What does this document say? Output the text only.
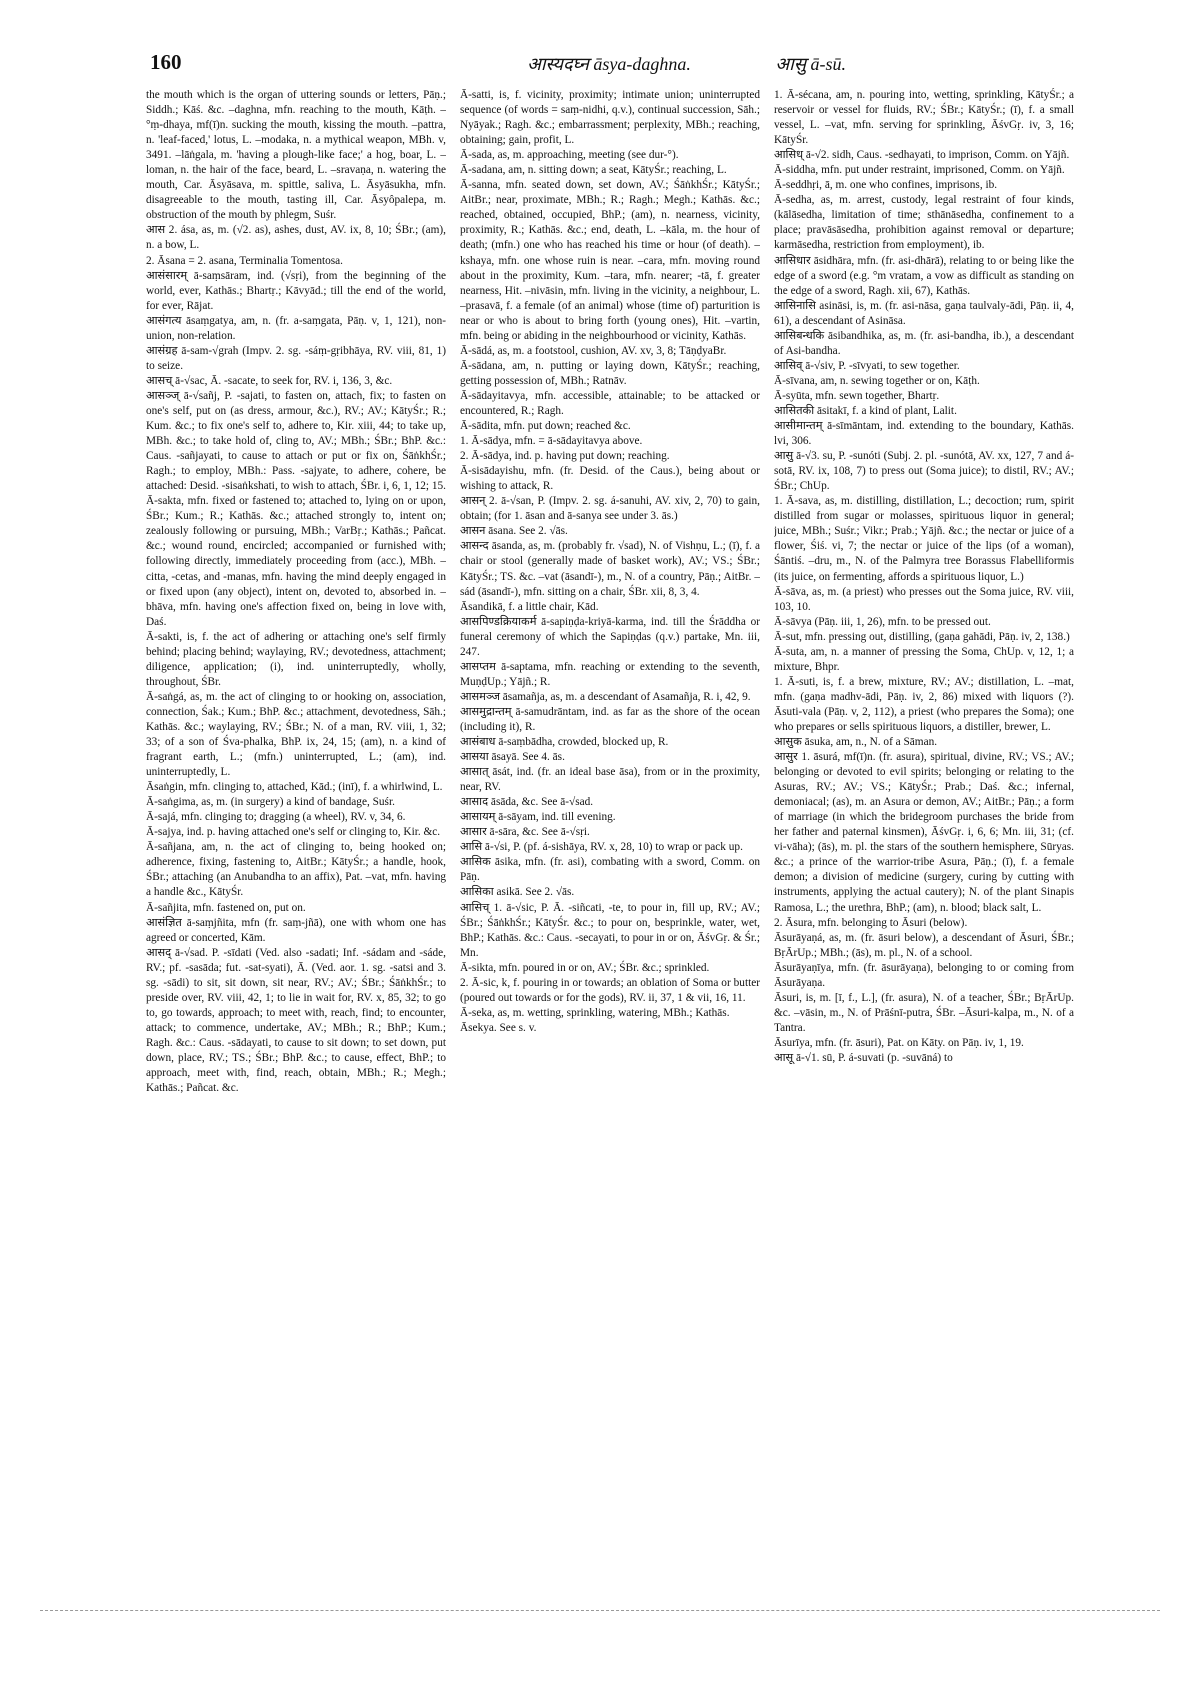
160	आस्यदघ्न āsya-daghna.	आसु ā-sū.

the mouth which is the organ of uttering sounds or letters, Pāṇ.; Siddh.; Kāś. &c. –daghna, mfn. reaching to the mouth, Kāṭh. –°ṃ-dhaya, mf(ī)n. sucking the mouth, kissing the mouth. –pattra, n. 'leaf-faced,' lotus, L. –modaka, n. a mythical weapon, MBh. v, 3491. –lāṅgala, m. 'having a plough-like face;' a hog, boar, L. –loman, n. the hair of the face, beard, L. –sravaṇa, n. watering the mouth, Car. Āsyāsava, m. spittle, saliva, L. Āsyāsukha, mfn. disagreeable to the mouth, tasting ill, Car. Āsyôpalepa, m. obstruction of the mouth by phlegm, Suśr.

आस 2. ása, as, m. (√2. as), ashes, dust, AV. ix, 8, 10; ŚBr.; (am), n. a bow, L.

2. Āsana = 2. asana, Terminalia Tomentosa.

आसंसारम् ā-saṃsāram, ind. (√sṛi), from the beginning of the world, ever, Kathās.; Bhartṛ.; Kāvyād.; till the end of the world, for ever, Rājat.

आसंगत्य āsaṃgatya, am, n. (fr. a-saṃgata, Pāṇ. v, 1, 121), non-union, non-relation.

आसंग्रह ā-sam-√grah (Impv. 2. sg. -sáṃ-gṛibhāya, RV. viii, 81, 1) to seize.

आसच् ā-√sac, Ā. -sacate, to seek for, RV. i, 136, 3, &c.

आसञ्ज् ā-√sañj, P. -sajati, to fasten on, attach, fix; to fasten on one's self, put on (as dress, armour, &c.), RV.; AV.; KātyŚr.; R.; Kum. &c.; to fix one's self to, adhere to, Kir. xiii, 44; to take up, MBh. &c.; to take hold of, cling to, AV.; MBh.; ŚBr.; BhP. &c.: Caus. -sañjayati, to cause to attach or put or fix on, ŚāṅkhŚr.; Ragh.; to employ, MBh.: Pass. -sajyate, to adhere, cohere, be attached: Desid. -sisaṅkshati, to wish to attach, ŚBr. i, 6, 1, 12; 15.

Ā-sakta, mfn. fixed or fastened to; attached to, lying on or upon, ŚBr.; Kum.; R.; Kathās. &c.; attached strongly to, intent on; zealously following or pursuing, MBh.; VarBṛ.; Kathās.; Pañcat. &c.; wound round, encircled; accompanied or furnished with; following directly, immediately proceeding from (acc.), MBh. –citta, -cetas, and -manas, mfn. having the mind deeply engaged in or fixed upon (any object), intent on, devoted to, absorbed in. –bhāva, mfn. having one's affection fixed on, being in love with, Daś.

Ā-sakti, is, f. the act of adhering or attaching one's self firmly behind; placing behind; waylaying, RV.; devotedness, attachment; diligence, application; (i), ind. uninterruptedly, wholly, throughout, ŚBr.

Ā-saṅgá, as, m. the act of clinging to or hooking on, association, connection, Śak.; Kum.; BhP. &c.; attachment, devotedness, Sāh.; Kathās. &c.; waylaying, RV.; ŚBr.; N. of a man, RV. viii, 1, 32; 33; of a son of Śva-phalka, BhP. ix, 24, 15; (am), n. a kind of fragrant earth, L.; (mfn.) uninterrupted, L.; (am), ind. uninterruptedly, L.

Āsaṅgin, mfn. clinging to, attached, Kād.; (inī), f. a whirlwind, L.

Ā-saṅgima, as, m. (in surgery) a kind of bandage, Suśr.

Ā-sajá, mfn. clinging to; dragging (a wheel), RV. v, 34, 6.

Ā-sajya, ind. p. having attached one's self or clinging to, Kir. &c.

Ā-sañjana, am, n. the act of clinging to, being hooked on; adherence, fixing, fastening to, AitBr.; KātyŚr.; a handle, hook, ŚBr.; attaching (an Anubandha to an affix), Pat. –vat, mfn. having a handle &c., KātyŚr.

Ā-sañjita, mfn. fastened on, put on.

आसंज्ञित ā-saṃjñita, mfn (fr. saṃ-jñā), one with whom one has agreed or concerted, Kām.

आसद् ā-√sad. P. -sīdati (Ved. also -sadati; Inf. -sádam and -sáde, RV.; pf. -sasāda; fut. -sat-syati), Ā. (Ved. aor. 1. sg. -satsi and 3. sg. -sādi) to sit, sit down, sit near, RV.; AV.; ŚBr.; ŚāṅkhŚr.; to preside over, RV. viii, 42, 1; to lie in wait for, RV. x, 85, 32; to go to, go towards, approach; to meet with, reach, find; to encounter, attack; to commence, undertake, AV.; MBh.; R.; BhP.; Kum.; Ragh. &c.: Caus. -sādayati, to cause to sit down; to set down, put down, place, RV.; TS.; ŚBr.; BhP. &c.; to cause, effect, BhP.; to approach, meet with, find, reach, obtain, MBh.; R.; Megh.; Kathās.; Pañcat. &c.

Ā-satti, is, f. vicinity, proximity; intimate union; uninterrupted sequence (of words = saṃ-nidhi, q.v.), continual succession, Sāh.; Nyāyak.; Ragh. &c.; embarrassment; perplexity, MBh.; reaching, obtaining; gain, profit, L.

Ā-sada, as, m. approaching, meeting (see dur-°).

Ā-sadana, am, n. sitting down; a seat, KātyŚr.; reaching, L.

Ā-sanna, mfn. seated down, set down, AV.; ŚāṅkhŚr.; KātyŚr.; AitBr.; near, proximate, MBh.; R.; Ragh.; Megh.; Kathās. &c.; reached, obtained, occupied, BhP.; (am), n. nearness, vicinity, proximity, R.; Kathās. &c.; end, death, L. –kāla, m. the hour of death; (mfn.) one who has reached his time or hour (of death). –kshaya, mfn. one whose ruin is near. –cara, mfn. moving round about in the proximity, Kum. –tara, mfn. nearer; -tā, f. greater nearness, Hit. –nivāsin, mfn. living in the vicinity, a neighbour, L. –prasavā, f. a female (of an animal) whose (time of) parturition is near or who is about to bring forth (young ones), Hit. –vartin, mfn. being or abiding in the neighbourhood or vicinity, Kathās.

Ā-sādá, as, m. a footstool, cushion, AV. xv, 3, 8; TāṇḍyaBr.

Ā-sādana, am, n. putting or laying down, KātyŚr.; reaching, getting possession of, MBh.; Ratnāv.

Ā-sādayitavya, mfn. accessible, attainable; to be attacked or encountered, R.; Ragh.

Ā-sādita, mfn. put down; reached &c.

1. Ā-sādya, mfn. = ā-sādayitavya above.

2. Ā-sādya, ind. p. having put down; reaching.

Ā-sisādayishu, mfn. (fr. Desid. of the Caus.), being about or wishing to attack, R.

आसन् 2. ā-√san, P. (Impv. 2. sg. á-sanuhi, AV. xiv, 2, 70) to gain, obtain; (for 1. āsan and ā-sanya see under 3. ās.)

आसन āsana. See 2. √ās.

आसन्द āsanda, as, m. (probably fr. √sad), N. of Vishṇu, L.; (ī), f. a chair or stool (generally made of basket work), AV.; VS.; ŚBr.; KātyŚr.; TS. &c. –vat (āsandī-), m., N. of a country, Pāṇ.; AitBr. –sád (āsandī-), mfn. sitting on a chair, ŚBr. xii, 8, 3, 4.

Āsandikā, f. a little chair, Kād.

आसपिण्डक्रियाकर्म ā-sapiṇḍa-kriyā-karma, ind. till the Śrāddha or funeral ceremony of which the Sapiṇḍas (q.v.) partake, Mn. iii, 247.

आसप्तम ā-saptama, mfn. reaching or extending to the seventh, MuṇḍUp.; Yājñ.; R.

आसमञ्ज āsamañja, as, m. a descendant of Asamañja, R. i, 42, 9.

आसमुद्रान्तम् ā-samudrāntam, ind. as far as the shore of the ocean (including it), R.

आसंबाध ā-saṃbādha, crowded, blocked up, R.

आसया āsayā. See 4. ās.

आसात् āsát, ind. (fr. an ideal base āsa), from or in the proximity, near, RV.

आसाद āsāda, &c. See ā-√sad.

आसायम् ā-sāyam, ind. till evening.

आसार ā-sāra, &c. See ā-√sṛi.

आसि ā-√si, P. (pf. á-sishāya, RV. x, 28, 10) to wrap or pack up.

आसिक āsika, mfn. (fr. asi), combating with a sword, Comm. on Pāṇ.

आसिका asikā. See 2. √ās.

आसिच् 1. ā-√sic, P. Ā. -siñcati, -te, to pour in, fill up, RV.; AV.; ŚBr.; ŚāṅkhŚr.; KātyŚr. &c.; to pour on, besprinkle, water, wet, BhP.; Kathās. &c.: Caus. -secayati, to pour in or on, ĀśvGṛ. & Śr.; Mn.

Ā-sikta, mfn. poured in or on, AV.; ŚBr. &c.; sprinkled.

2. Ā-sic, k, f. pouring in or towards; an oblation of Soma or butter (poured out towards or for the gods), RV. ii, 37, 1 & vii, 16, 11.

Ā-seka, as, m. wetting, sprinkling, watering, MBh.; Kathās.

Āsekya. See s. v.

1. Ā-sécana, am, n. pouring into, wetting, sprinkling, KātyŚr.; a reservoir or vessel for fluids, RV.; ŚBr.; KātyŚr.; (ī), f. a small vessel, L. –vat, mfn. serving for sprinkling, ĀśvGṛ. iv, 3, 16; KātyŚr.

आसिध् ā-√2. sidh, Caus. -sedhayati, to imprison, Comm. on Yājñ.

Ā-siddha, mfn. put under restraint, imprisoned, Comm. on Yājñ.

Ā-seddhṛi, ā, m. one who confines, imprisons, ib.

Ā-sedha, as, m. arrest, custody, legal restraint of four kinds, (kālāsedha, limitation of time; sthānāsedha, confinement to a place; pravāsāsedha, prohibition against removal or departure; karmāsedha, restriction from employment), ib.

आसिधार āsidhāra, mfn. (fr. asi-dhārā), relating to or being like the edge of a sword (e.g. °m vratam, a vow as difficult as standing on the edge of a sword, Ragh. xii, 67), Kathās.

आसिनासि asināsi, is, m. (fr. asi-nāsa, gaṇa taulvaly-ādi, Pāṇ. ii, 4, 61), a descendant of Asināsa.

आसिबन्धकि āsibandhika, as, m. (fr. asi-bandha, ib.), a descendant of Asi-bandha.

आसिव् ā-√siv, P. -sīvyati, to sew together.

Ā-sīvana, am, n. sewing together or on, Kāṭh.

Ā-syūta, mfn. sewn together, Bhartṛ.

आसितकी āsitakī, f. a kind of plant, Lalit.

आसीमान्तम् ā-sīmāntam, ind. extending to the boundary, Kathās. lvi, 306.

आसु ā-√3. su, P. -sunóti (Subj. 2. pl. -sunótā, AV. xx, 127, 7 and á-sotā, RV. ix, 108, 7) to press out (Soma juice); to distil, RV.; AV.; ŚBr.; ChUp.

1. Ā-sava, as, m. distilling, distillation, L.; decoction; rum, spirit distilled from sugar or molasses, spirituous liquor in general; juice, MBh.; Suśr.; Vikr.; Prab.; Yājñ. &c.; the nectar or juice of a flower, Śiś. vi, 7; the nectar or juice of the lips (of a woman), Śāntiś. –dru, m., N. of the Palmyra tree Borassus Flabelliformis (its juice, on fermenting, affords a spirituous liquor, L.)

Ā-sāva, as, m. (a priest) who presses out the Soma juice, RV. viii, 103, 10.

Ā-sāvya (Pāṇ. iii, 1, 26), mfn. to be pressed out.

Ā-sut, mfn. pressing out, distilling, (gaṇa gahādi, Pāṇ. iv, 2, 138.)

Ā-suta, am, n. a manner of pressing the Soma, ChUp. v, 12, 1; a mixture, Bhpr.

1. Ā-suti, is, f. a brew, mixture, RV.; AV.; distillation, L. –mat, mfn. (gaṇa madhv-ādi, Pāṇ. iv, 2, 86) mixed with liquors (?). Āsuti-vala (Pāṇ. v, 2, 112), a priest (who prepares the Soma); one who prepares or sells spirituous liquors, a distiller, brewer, L.

आसुक āsuka, am, n., N. of a Sāman.

आसुर 1. āsurá, mf(ī)n. (fr. asura), spiritual, divine, RV.; VS.; AV.; belonging or devoted to evil spirits; belonging or relating to the Asuras, RV.; AV.; VS.; KātyŚr.; Prab.; Daś. &c.; infernal, demoniacal; (as), m. an Asura or demon, AV.; AitBr.; Pāṇ.; a form of marriage (in which the bridegroom purchases the bride from her father and paternal kinsmen), ĀśvGṛ. i, 6, 6; Mn. iii, 31; (cf. vi-vāha); (ās), m. pl. the stars of the southern hemisphere, Sūryas. &c.; a prince of the warrior-tribe Asura, Pāṇ.; (ī), f. a female demon; a division of medicine (surgery, curing by cutting with instruments, applying the actual cautery); N. of the plant Sinapis Ramosa, L.; the urethra, BhP.; (am), n. blood; black salt, L.

2. Āsura, mfn. belonging to Āsuri (below).

Āsurāyaṇá, as, m. (fr. āsuri below), a descendant of Āsuri, ŚBr.; BṛĀrUp.; MBh.; (ās), m. pl., N. of a school.

Āsurāyaṇīya, mfn. (fr. āsurāyaṇa), belonging to or coming from Āsurāyaṇa.

Āsuri, is, m. [ī, f., L.], (fr. asura), N. of a teacher, ŚBr.; BṛĀrUp. &c. –vāsin, m., N. of Prāśnī-putra, ŚBr. –Āsuri-kalpa, m., N. of a Tantra.

Āsurīya, mfn. (fr. āsuri), Pat. on Kāty. on Pāṇ. iv, 1, 19.

आसू ā-√1. sū, P. á-suvati (p. -suvāná) to
